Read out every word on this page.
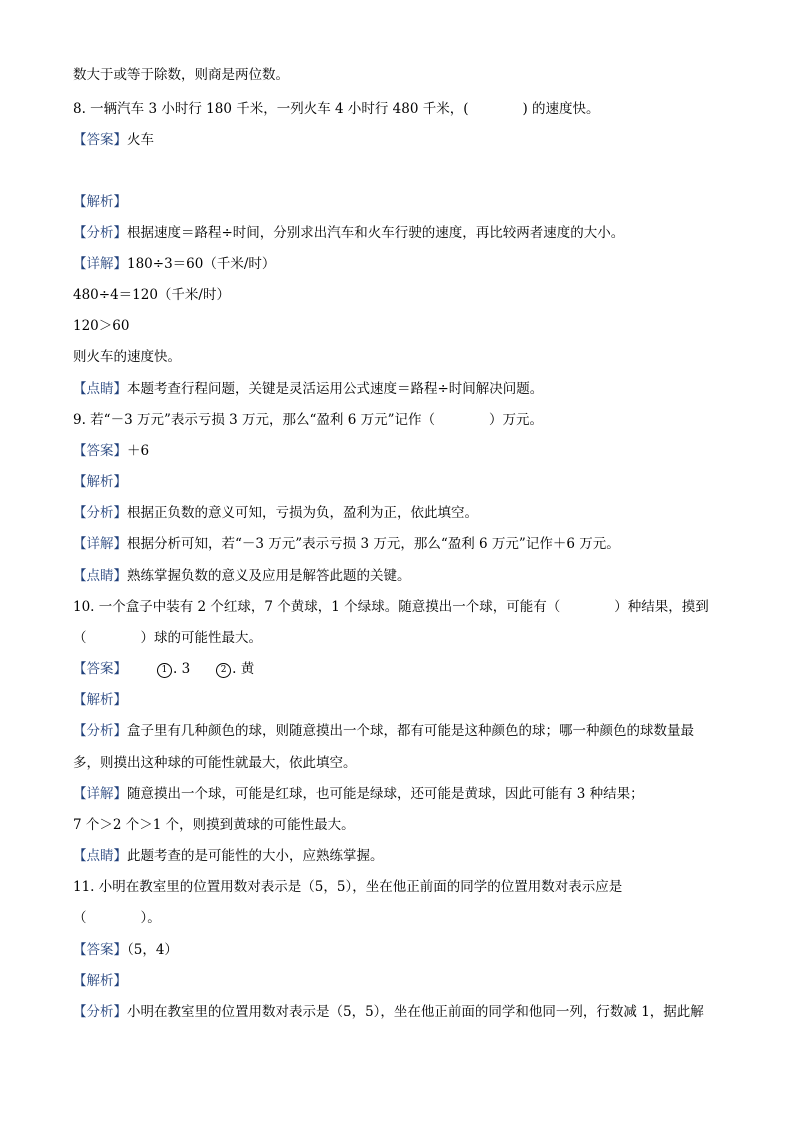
数大于或等于除数，则商是两位数。
8. 一辆汽车 3 小时行 180 千米，一列火车 4 小时行 480 千米，(　　　　) 的速度快。
【答案】火车
【解析】
【分析】根据速度＝路程÷时间，分别求出汽车和火车行驶的速度，再比较两者速度的大小。
【详解】180÷3＝60（千米/时）
480÷4＝120（千米/时）
120＞60
则火车的速度快。
【点睛】本题考查行程问题，关键是灵活运用公式速度＝路程÷时间解决问题。
9. 若“－3 万元”表示亏损 3 万元，那么“盈利 6 万元”记作（　　　　）万元。
【答案】＋6
【解析】
【分析】根据正负数的意义可知，亏损为负，盈利为正，依此填空。
【详解】根据分析可知，若“－3 万元”表示亏损 3 万元，那么“盈利 6 万元”记作＋6 万元。
【点睛】熟练掌握负数的意义及应用是解答此题的关键。
10. 一个盒子中装有 2 个红球，7 个黄球，1 个绿球。随意摸出一个球，可能有（　　　　）种结果，摸到
（　　　　）球的可能性最大。
【答案】	1 . 3	2 . 黄
【解析】
【分析】盒子里有几种颜色的球，则随意摸出一个球，都有可能是这种颜色的球；哪一种颜色的球数量最
多，则摸出这种球的可能性就最大，依此填空。
【详解】随意摸出一个球，可能是红球，也可能是绿球，还可能是黄球，因此可能有 3 种结果；
7 个＞2 个＞1 个，则摸到黄球的可能性最大。
【点睛】此题考查的是可能性的大小，应熟练掌握。
11. 小明在教室里的位置用数对表示是（5，5），坐在他正前面的同学的位置用数对表示应是
（　　　　）。
【答案】（5，4）
【解析】
【分析】小明在教室里的位置用数对表示是（5，5），坐在他正前面的同学和他同一列，行数减 1，据此解
